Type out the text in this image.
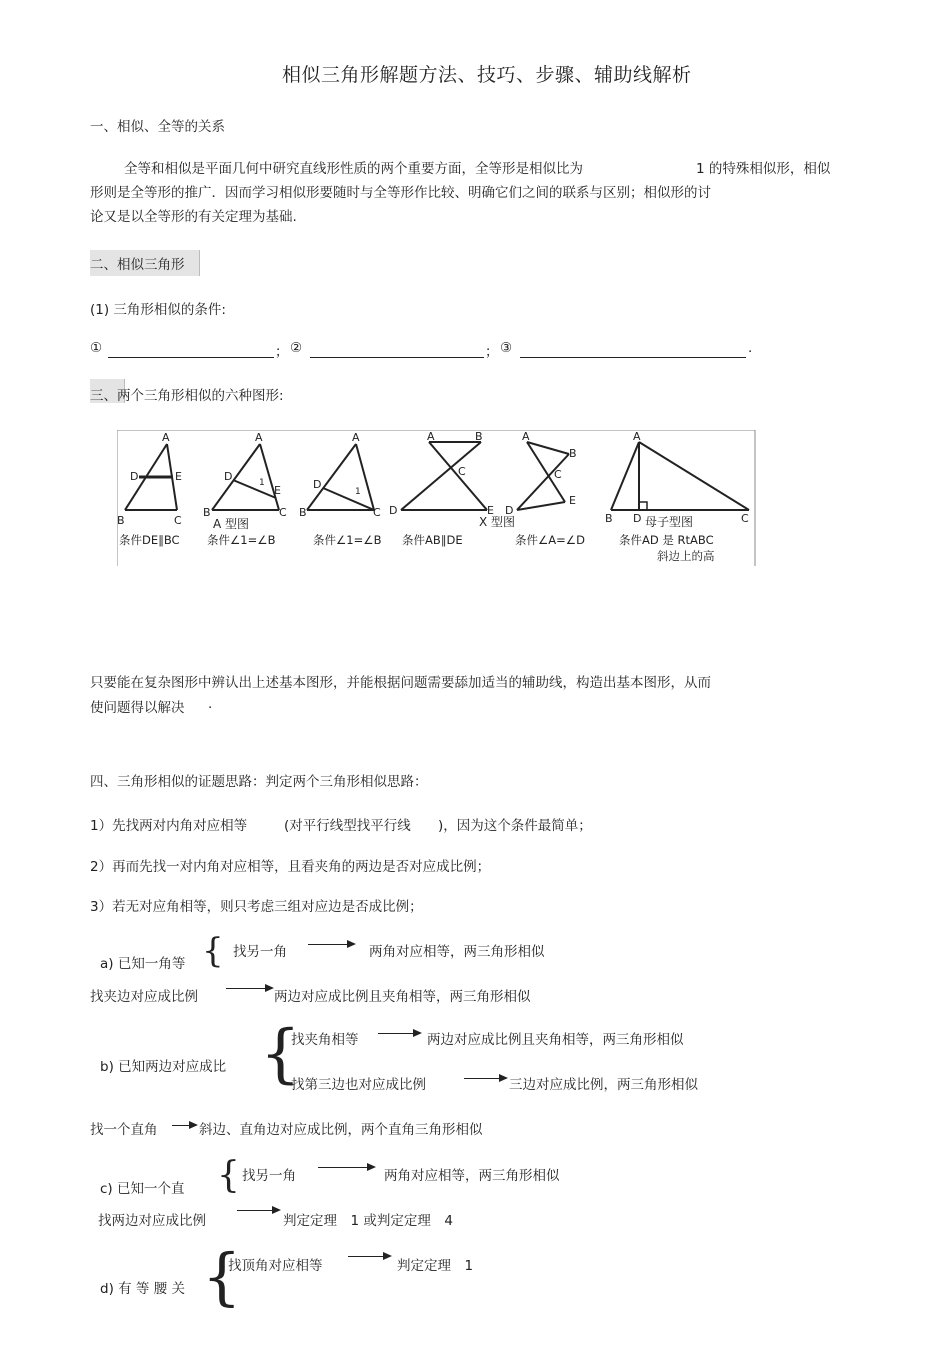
相似三角形解题方法、技巧、步骤、辅助线解析
一、相似、全等的关系
全等和相似是平面几何中研究直线形性质的两个重要方面，全等形是相似比为	1 的特殊相似形，相似
形则是全等形的推广．因而学习相似形要随时与全等形作比较、明确它们之间的联系与区别；相似形的讨
论又是以全等形的有关定理为基础.
二、相似三角形
(1) 三角形相似的条件:
①	； ②	； ③	.
三、两个三角形相似的六种图形:
A
D	E
B	C
A
D	1
E
B	C
A
D
1
B	C
A	B
C
D	E
A
B
C
E
D
A
B D	C
A 型图	X 型图	母子型图
条件DE∥BC 条件∠1=∠B	条件∠1=∠B 条件AB∥DE	条件∠A=∠D	条件AD 是 RtABC
斜边上的高
只要能在复杂图形中辨认出上述基本图形，并能根据问题需要舔加适当的辅助线，构造出基本图形，从而
使问题得以解决 .
四、三角形相似的证题思路：判定两个三角形相似思路：
1）先找两对内角对应相等	(对平行线型找平行线 )，因为这个条件最简单；
2）再而先找一对内角对应相等，且看夹角的两边是否对应成比例；
3）若无对应角相等，则只考虑三组对应边是否成比例；
a) 已知一角等 { 找另一角	两角对应相等，两三角形相似
找夹边对应成比例	两边对应成比例且夹角相等，两三角形相似
b) 已知两边对应成比 {
找夹角相等	两边对应成比例且夹角相等，两三角形相似
找第三边也对应成比例	三边对应成比例，两三角形相似
找一个直角	斜边、直角边对应成比例，两个直角三角形相似
c) 已知一个直 { 找另一角	两角对应相等，两三角形相似
找两边对应成比例	判定定理　1 或判定定理　4
d) 有 等 腰 关 {
找顶角对应相等	判定定理　1
